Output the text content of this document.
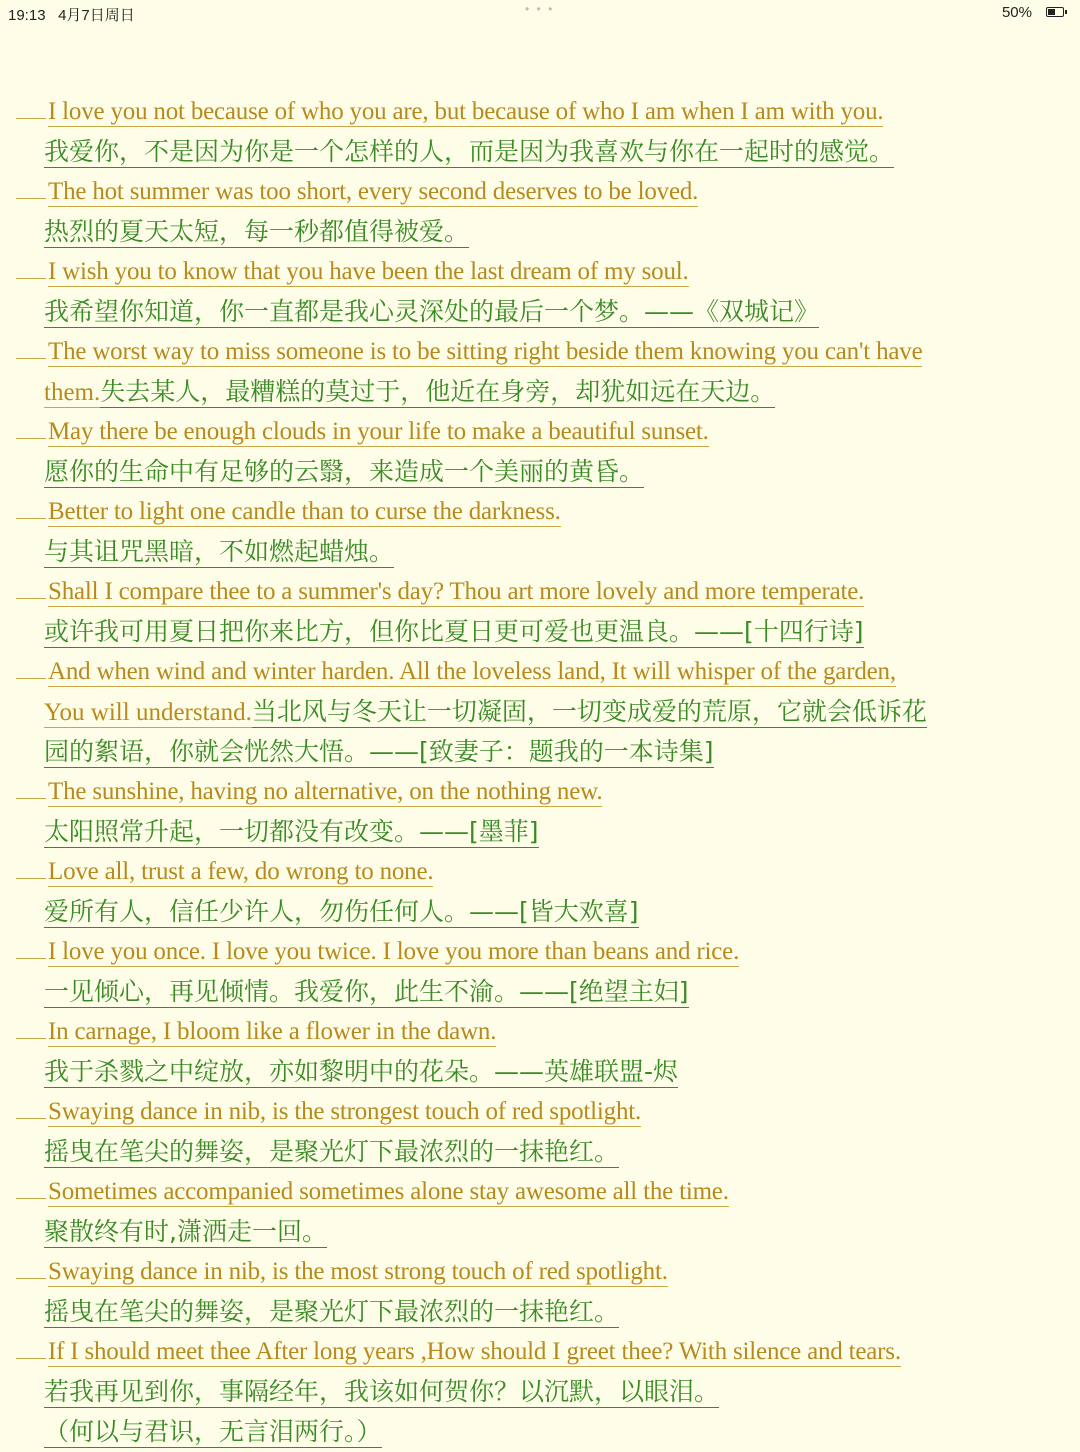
19:13 4月7日周日	• • •	50%
I love you not because of who you are, but because of who I am when I am with you.
我爱你，不是因为你是一个怎样的人，而是因为我喜欢与你在一起时的感觉。
The hot summer was too short, every second deserves to be loved.
热烈的夏天太短，每一秒都值得被爱。
I wish you to know that you have been the last dream of my soul.
我希望你知道，你一直都是我心灵深处的最后一个梦。——《双城记》
The worst way to miss someone is to be sitting right beside them knowing you can't have
them.失去某人，最糟糕的莫过于，他近在身旁，却犹如远在天边。
May there be enough clouds in your life to make a beautiful sunset.
愿你的生命中有足够的云翳，来造成一个美丽的黄昏。
Better to light one candle than to curse the darkness.
与其诅咒黑暗，不如燃起蜡烛。
Shall I compare thee to a summer's day? Thou art more lovely and more temperate.
或许我可用夏日把你来比方，但你比夏日更可爱也更温良。——[十四行诗]
And when wind and winter harden. All the loveless land, It will whisper of the garden,
You will understand.当北风与冬天让一切凝固，一切变成爱的荒原，它就会低诉花
园的絮语，你就会恍然大悟。——[致妻子：题我的一本诗集]
The sunshine, having no alternative, on the nothing new.
太阳照常升起，一切都没有改变。——[墨菲]
Love all, trust a few, do wrong to none.
爱所有人，信任少许人，勿伤任何人。——[皆大欢喜]
I love you once. I love you twice. I love you more than beans and rice.
一见倾心，再见倾情。我爱你，此生不渝。——[绝望主妇]
In carnage, I bloom like a flower in the dawn.
我于杀戮之中绽放，亦如黎明中的花朵。——英雄联盟-烬
Swaying dance in nib, is the strongest touch of red spotlight.
摇曳在笔尖的舞姿，是聚光灯下最浓烈的一抹艳红。
Sometimes accompanied sometimes alone stay awesome all the time.
聚散终有时,潇洒走一回。
Swaying dance in nib, is the most strong touch of red spotlight.
摇曳在笔尖的舞姿，是聚光灯下最浓烈的一抹艳红。
If I should meet thee After long years ,How should I greet thee? With silence and tears.
若我再见到你，事隔经年，我该如何贺你？以沉默，以眼泪。
（何以与君识，无言泪两行。）
